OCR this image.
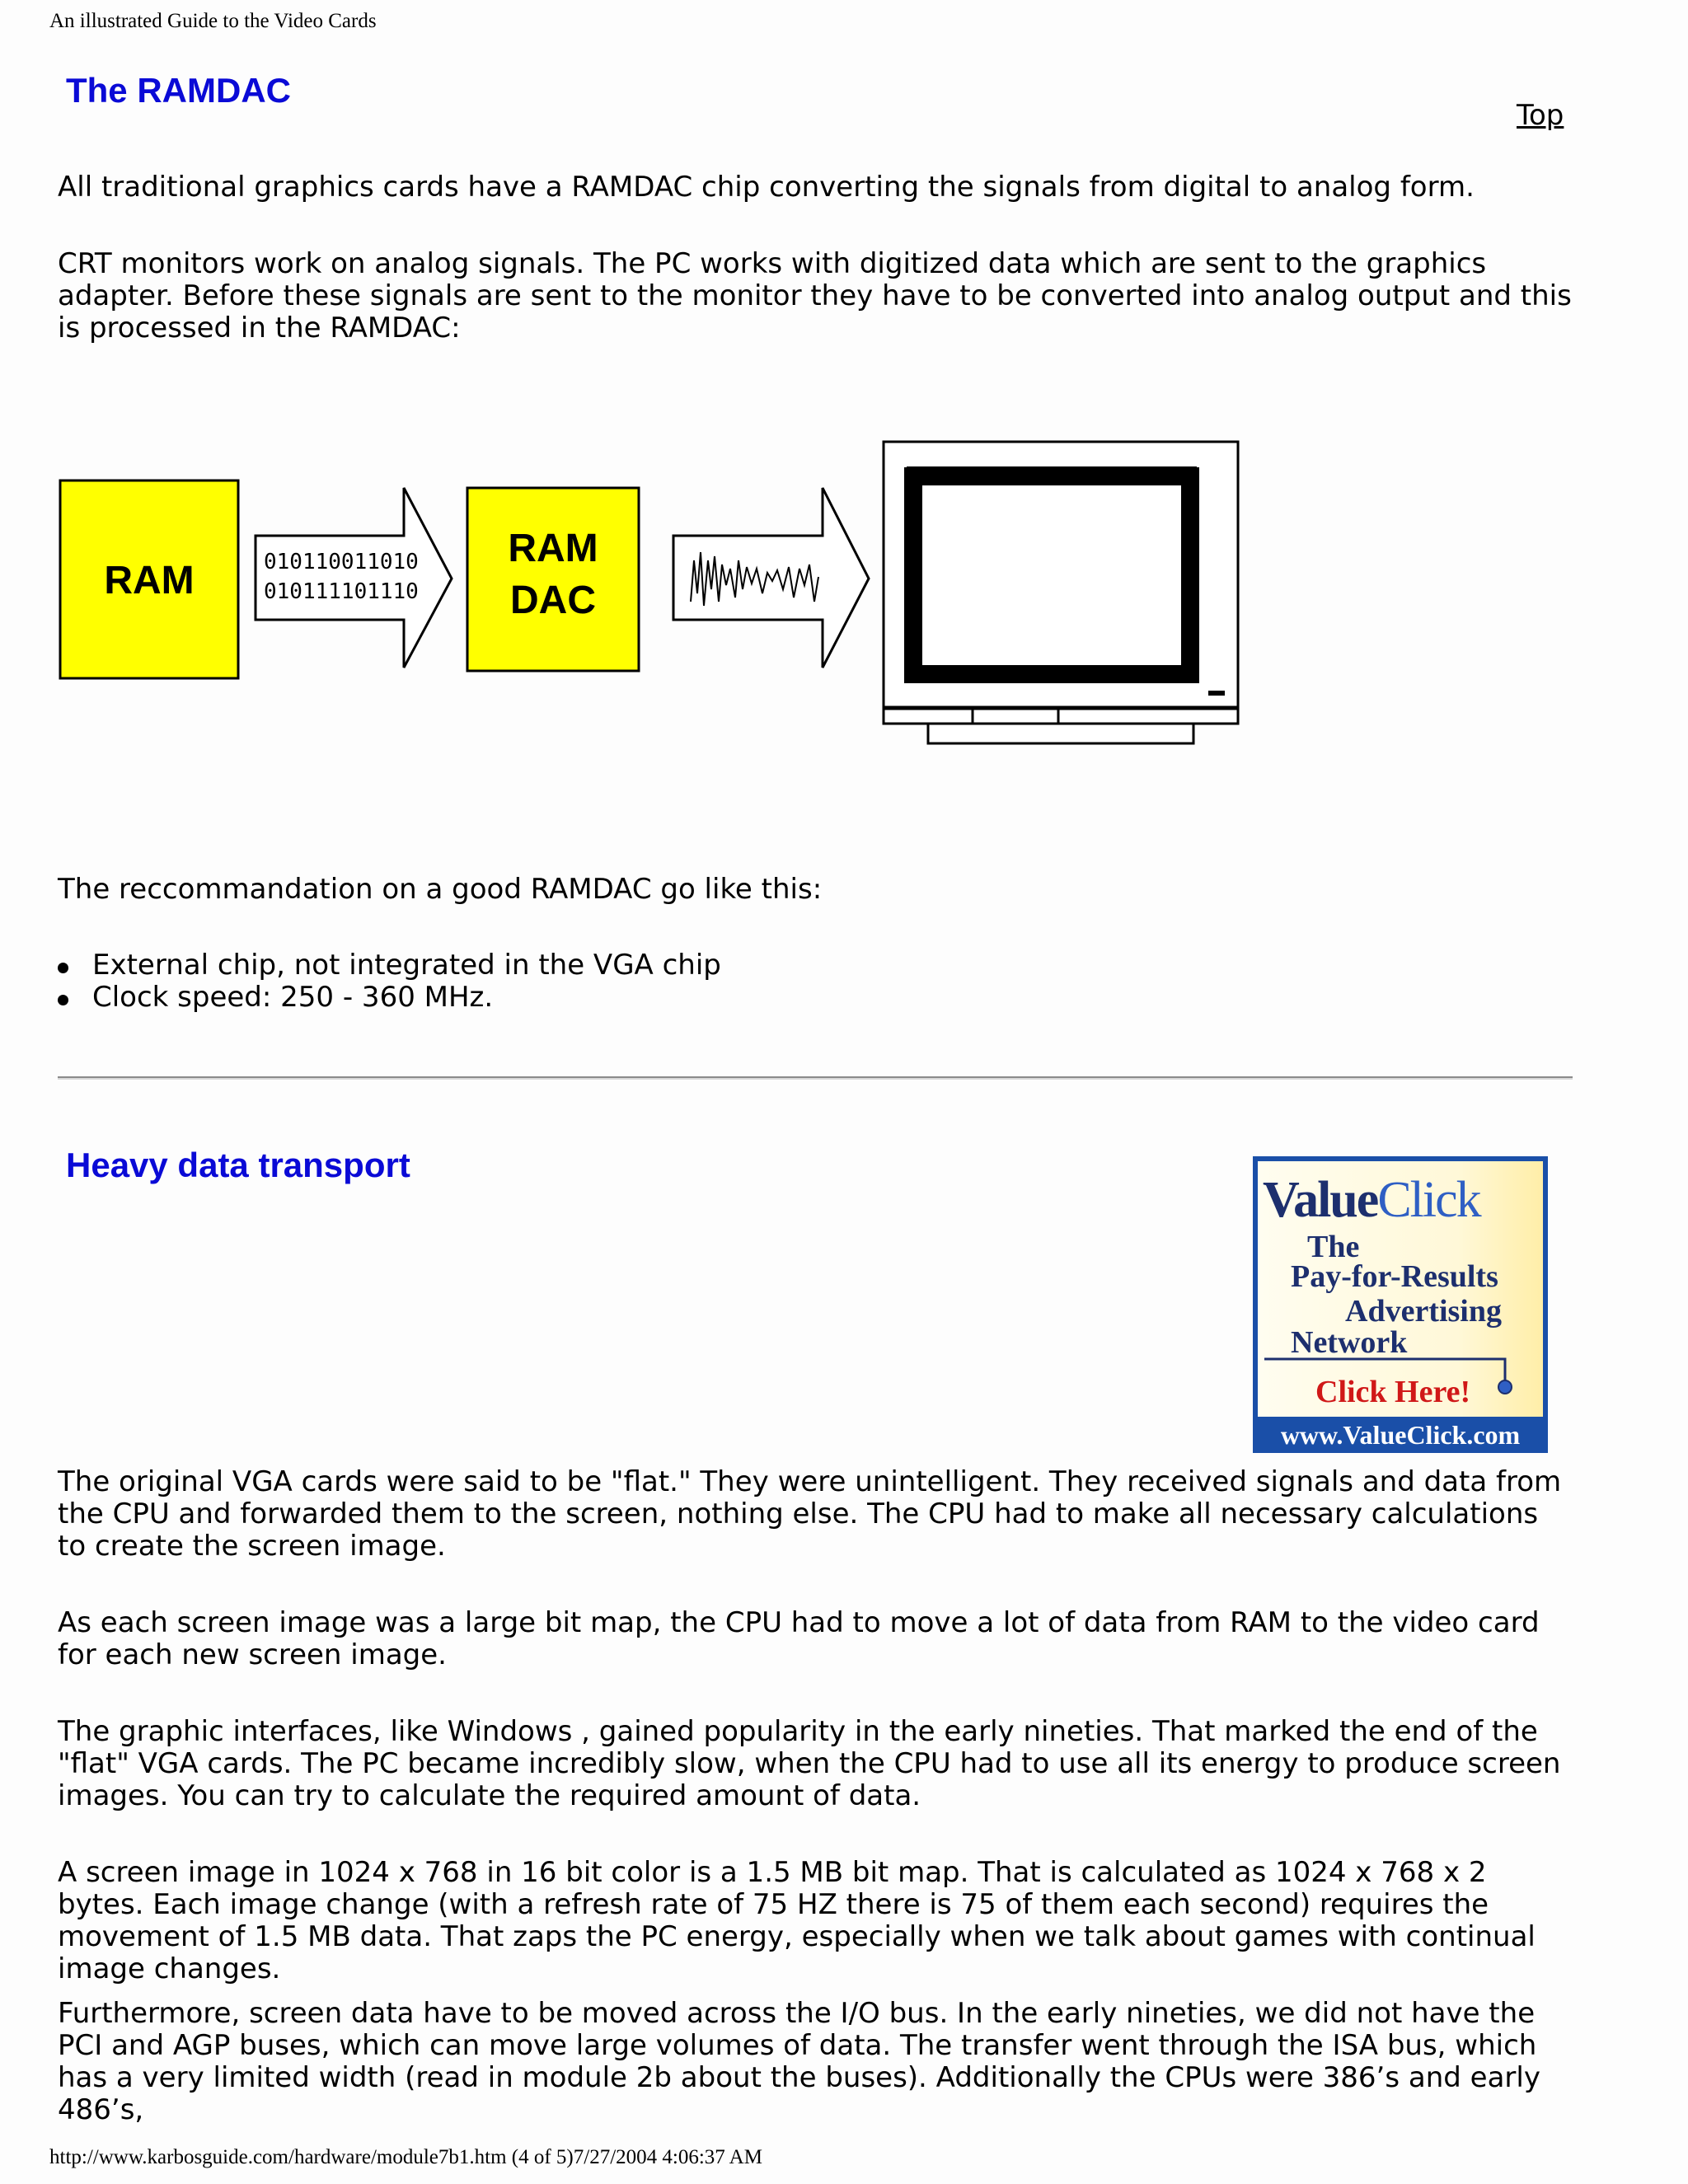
An illustrated Guide to the Video Cards
The RAMDAC
Top

All traditional graphics cards have a RAMDAC chip converting the signals from digital to analog form.

CRT monitors work on analog signals. The PC works with digitized data which are sent to the graphics adapter. Before these signals are sent to the monitor they have to be converted into analog output and this is processed in the RAMDAC:

RAM	010110011010
010111101110
RAM
DAC

The reccommandation on a good RAMDAC go like this:

External chip, not integrated in the VGA chip
Clock speed: 250 - 360 MHz.
Heavy data transport
ValueClick
The
Pay-for-Results
Advertising
Network
Click Here!
www.ValueClick.com

The original VGA cards were said to be "flat." They were unintelligent. They received signals and data from the CPU and forwarded them to the screen, nothing else. The CPU had to make all necessary calculations to create the screen image.

As each screen image was a large bit map, the CPU had to move a lot of data from RAM to the video card for each new screen image.

The graphic interfaces, like Windows , gained popularity in the early nineties. That marked the end of the "flat" VGA cards. The PC became incredibly slow, when the CPU had to use all its energy to produce screen images. You can try to calculate the required amount of data.

A screen image in 1024 x 768 in 16 bit color is a 1.5 MB bit map. That is calculated as 1024 x 768 x 2 bytes. Each image change (with a refresh rate of 75 HZ there is 75 of them each second) requires the movement of 1.5 MB data. That zaps the PC energy, especially when we talk about games with continual image changes.

Furthermore, screen data have to be moved across the I/O bus. In the early nineties, we did not have the PCI and AGP buses, which can move large volumes of data. The transfer went through the ISA bus, which has a very limited width (read in module 2b about the buses). Additionally the CPUs were 386’s and early 486’s,

http://www.karbosguide.com/hardware/module7b1.htm (4 of 5)7/27/2004 4:06:37 AM
